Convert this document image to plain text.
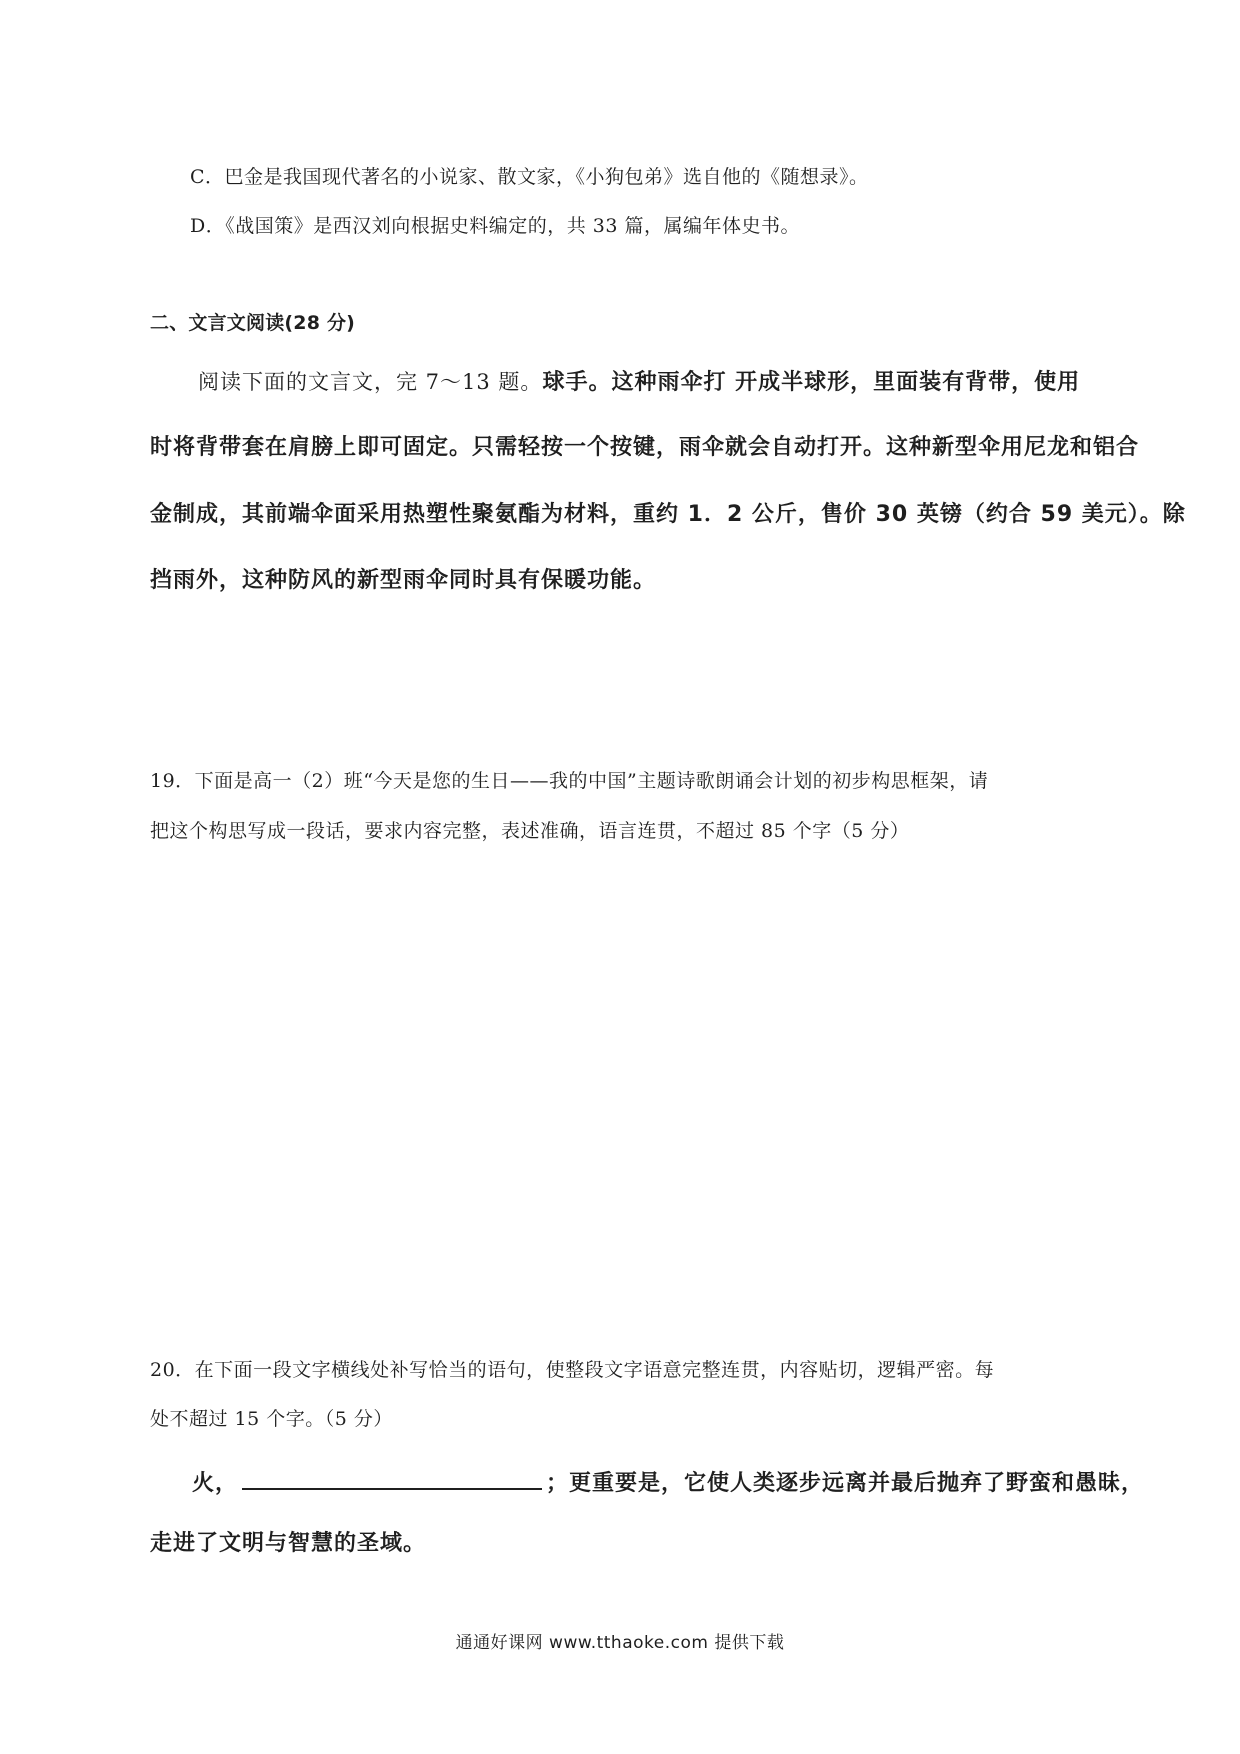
C．巴金是我国现代著名的小说家、散文家，《小狗包弟》选自他的《随想录》。
D．《战国策》是西汉刘向根据史料编定的，共 33 篇，属编年体史书。
二、文言文阅读(28 分)
阅读下面的文言文，完 7～13 题。球手。这种雨伞打 开成半球形，里面装有背带，使用
时将背带套在肩膀上即可固定。只需轻按一个按键，雨伞就会自动打开。这种新型伞用尼龙和铝合
金制成，其前端伞面采用热塑性聚氨酯为材料，重约 1．2 公斤，售价 30 英镑（约合 59 美元）。除
挡雨外，这种防风的新型雨伞同时具有保暖功能。
19．下面是高一（2）班“今天是您的生日——我的中国”主题诗歌朗诵会计划的初步构思框架，请
把这个构思写成一段话，要求内容完整，表述准确，语言连贯，不超过 85 个字（5 分）
20．在下面一段文字横线处补写恰当的语句，使整段文字语意完整连贯，内容贴切，逻辑严密。每
处不超过 15 个字。（5 分）
火，	；更重要是，它使人类逐步远离并最后抛弃了野蛮和愚昧，
走进了文明与智慧的圣域。
通通好课网 www.tthaoke.com 提供下载
